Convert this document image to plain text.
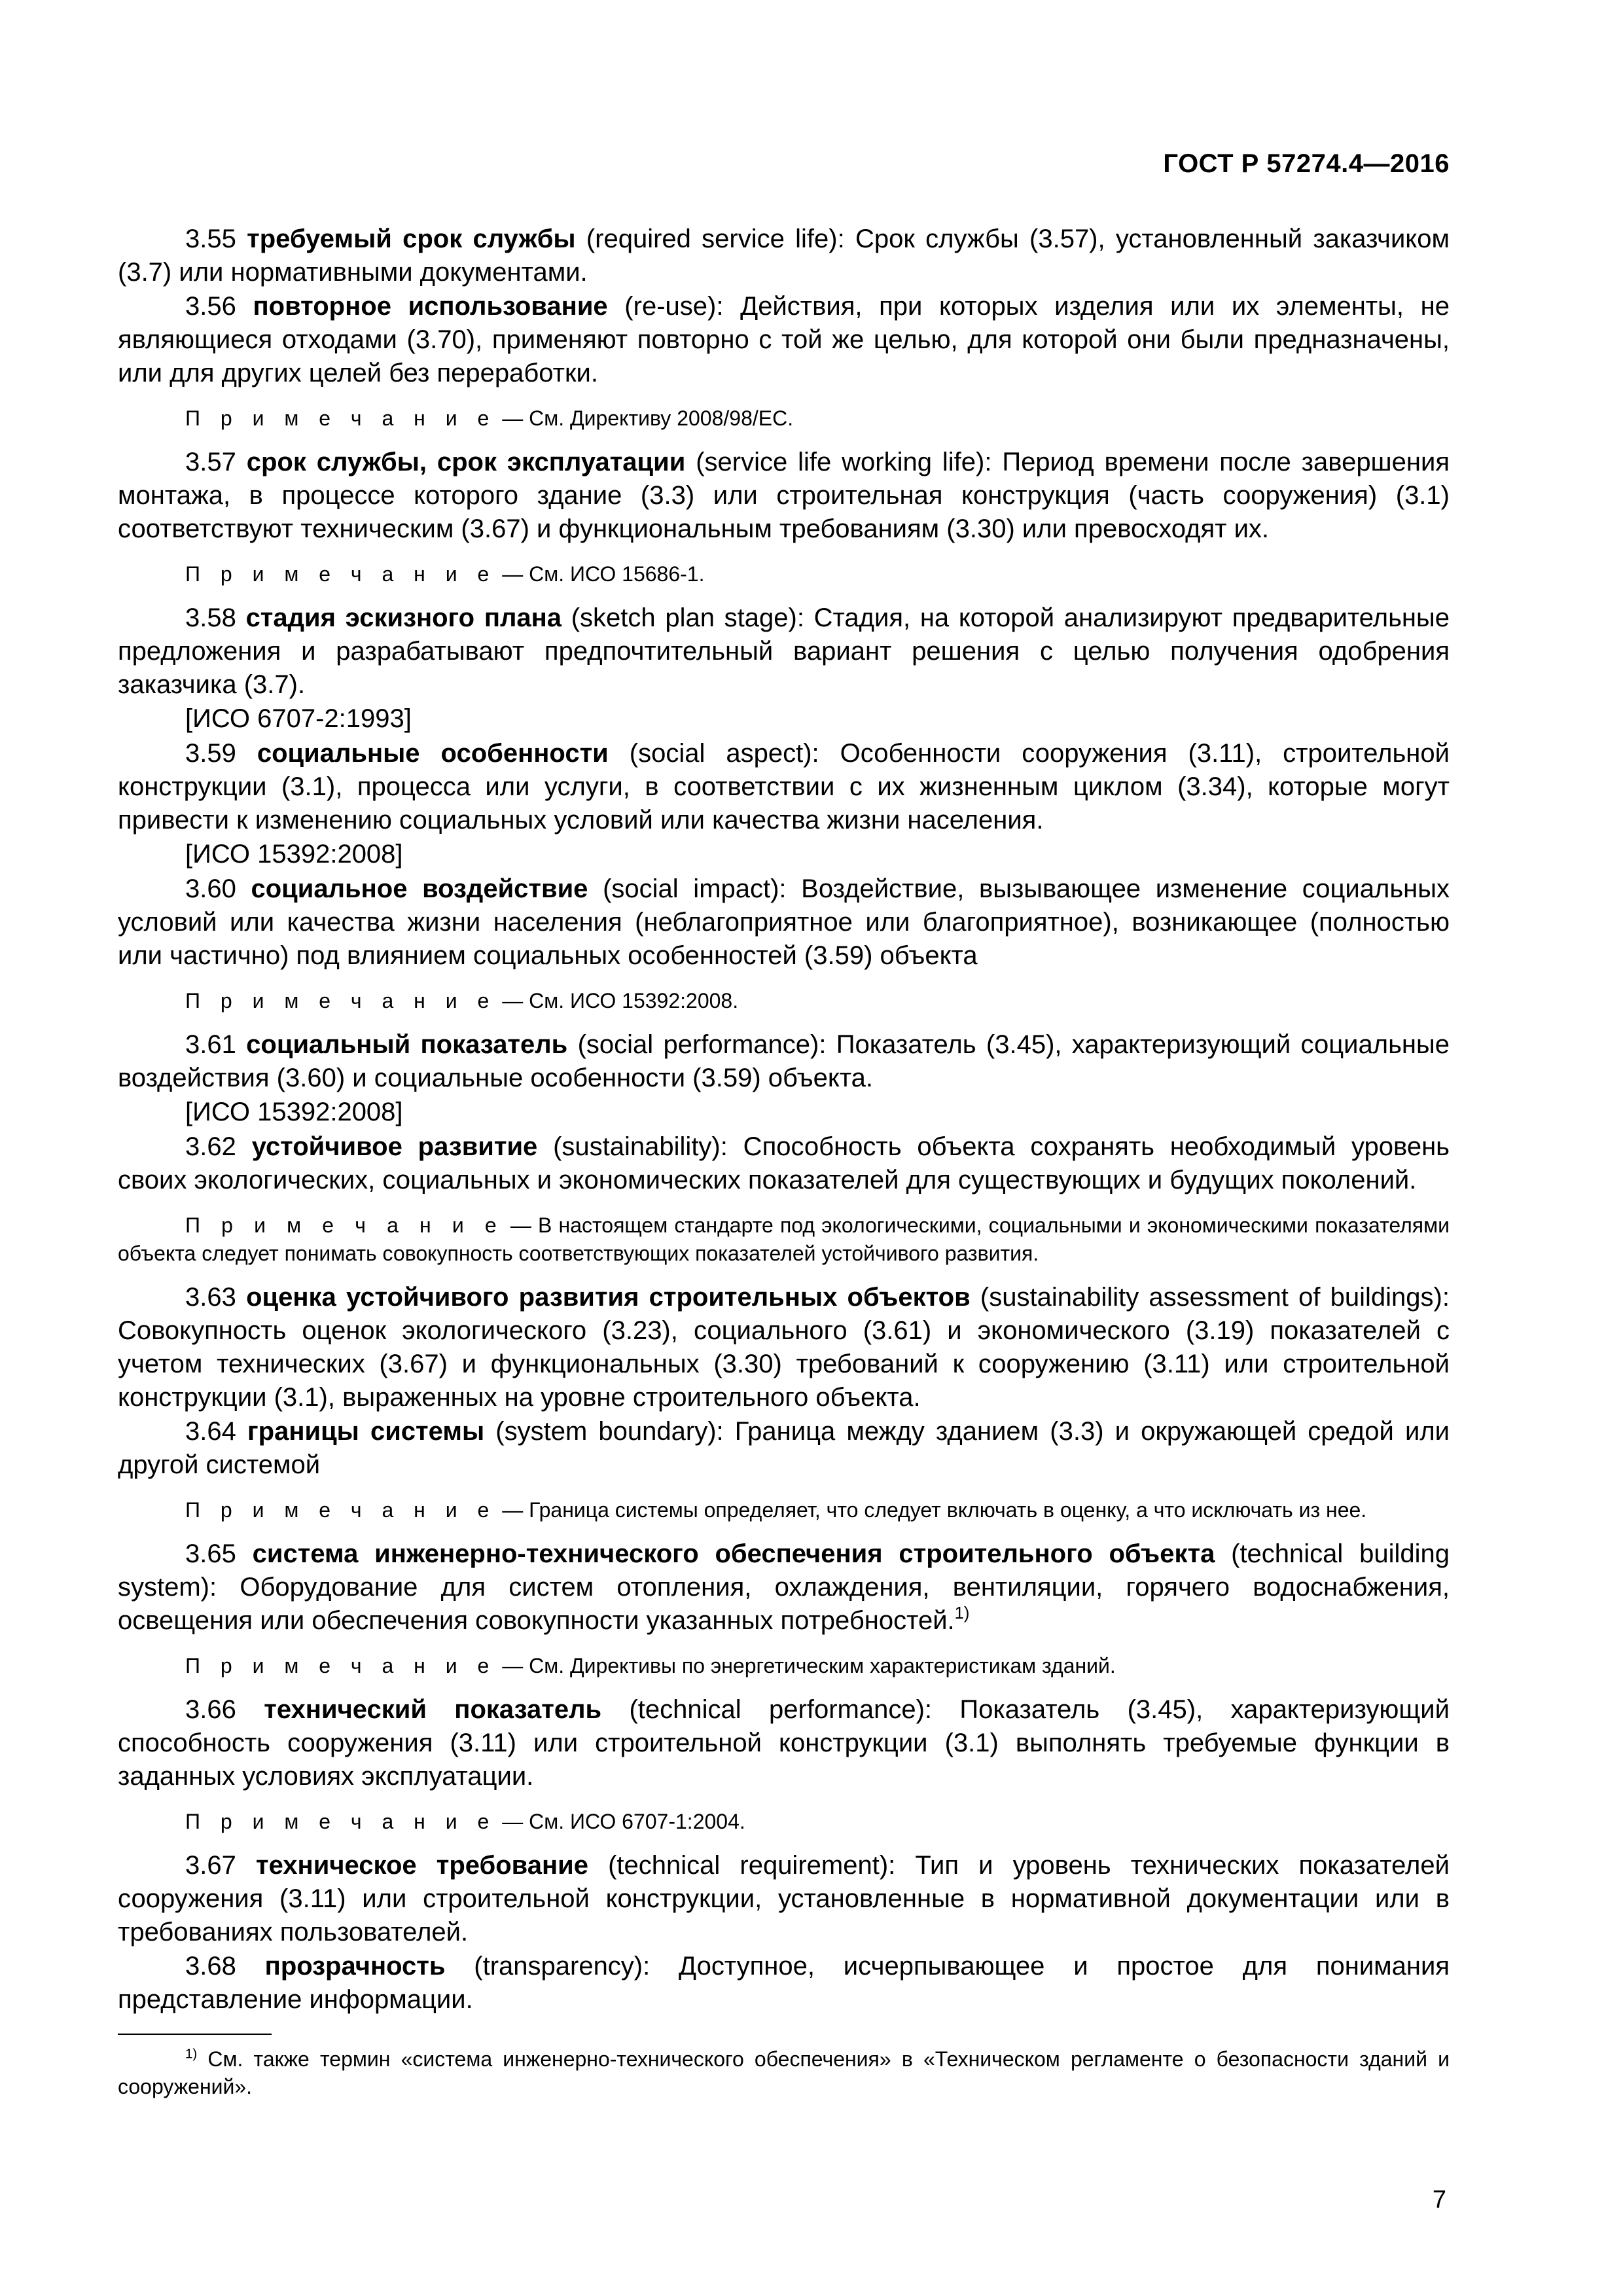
ГОСТ Р 57274.4—2016

3.55 требуемый срок службы (required service life): Срок службы (3.57), установленный заказчиком (3.7) или нормативными документами.

3.56 повторное использование (re-use): Действия, при которых изделия или их элементы, не являющиеся отходами (3.70), применяют повторно с той же целью, для которой они были предназначены, или для других целей без переработки.

П р и м е ч а н и е — См. Директиву 2008/98/ЕС.

3.57 срок службы, срок эксплуатации (service life working life): Период времени после завершения монтажа, в процессе которого здание (3.3) или строительная конструкция (часть сооружения) (3.1) соответствуют техническим (3.67) и функциональным требованиям (3.30) или превосходят их.

П р и м е ч а н и е — См. ИСО 15686-1.

3.58 стадия эскизного плана (sketch plan stage): Стадия, на которой анализируют предварительные предложения и разрабатывают предпочтительный вариант решения с целью получения одобрения заказчика (3.7).

[ИСО 6707-2:1993]

3.59 социальные особенности (social aspect): Особенности сооружения (3.11), строительной конструкции (3.1), процесса или услуги, в соответствии с их жизненным циклом (3.34), которые могут привести к изменению социальных условий или качества жизни населения.

[ИСО 15392:2008]

3.60 социальное воздействие (social impact): Воздействие, вызывающее изменение социальных условий или качества жизни населения (неблагоприятное или благоприятное), возникающее (полностью или частично) под влиянием социальных особенностей (3.59) объекта

П р и м е ч а н и е — См. ИСО 15392:2008.

3.61 социальный показатель (social performance): Показатель (3.45), характеризующий социальные воздействия (3.60) и социальные особенности (3.59) объекта.

[ИСО 15392:2008]

3.62 устойчивое развитие (sustainability): Способность объекта сохранять необходимый уровень своих экологических, социальных и экономических показателей для существующих и будущих поколений.

П р и м е ч а н и е — В настоящем стандарте под экологическими, социальными и экономическими показателями объекта следует понимать совокупность соответствующих показателей устойчивого развития.

3.63 оценка устойчивого развития строительных объектов (sustainability assessment of buildings): Совокупность оценок экологического (3.23), социального (3.61) и экономического (3.19) показателей с учетом технических (3.67) и функциональных (3.30) требований к сооружению (3.11) или строительной конструкции (3.1), выраженных на уровне строительного объекта.

3.64 границы системы (system boundary): Граница между зданием (3.3) и окружающей средой или другой системой

П р и м е ч а н и е — Граница системы определяет, что следует включать в оценку, а что исключать из нее.

3.65 система инженерно-технического обеспечения строительного объекта (technical building system): Оборудование для систем отопления, охлаждения, вентиляции, горячего водоснабжения, освещения или обеспечения совокупности указанных потребностей.$^{1)}$

П р и м е ч а н и е — См. Директивы по энергетическим характеристикам зданий.

3.66 технический показатель (technical performance): Показатель (3.45), характеризующий способность сооружения (3.11) или строительной конструкции (3.1) выполнять требуемые функции в заданных условиях эксплуатации.

П р и м е ч а н и е — См. ИСО 6707-1:2004.

3.67 техническое требование (technical requirement): Тип и уровень технических показателей сооружения (3.11) или строительной конструкции, установленные в нормативной документации или в требованиях пользователей.

3.68 прозрачность (transparency): Доступное, исчерпывающее и простое для понимания представление информации.

$^{1)}$ См. также термин «система инженерно-технического обеспечения» в «Техническом регламенте о безопасности зданий и сооружений».

7
